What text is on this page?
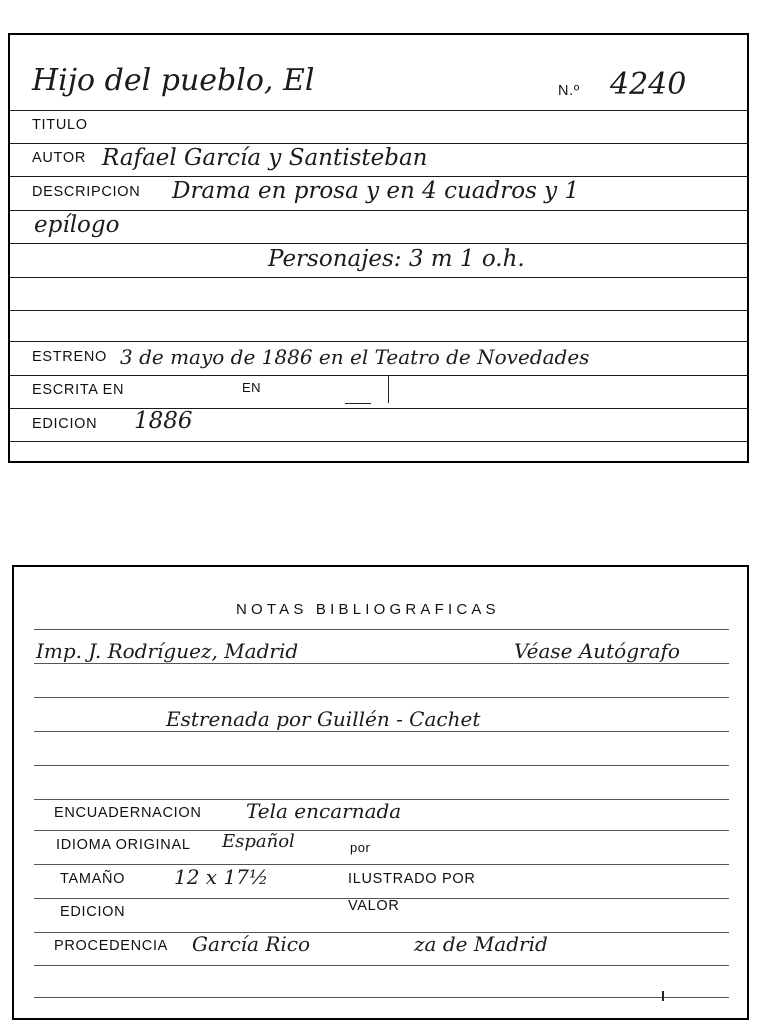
Hijo del pueblo, El	N.º 4240
TITULO
AUTOR Rafael García y Santisteban
DESCRIPCION Drama en prosa y en 4 cuadros y 1
epílogo
Personajes: 3 m 1 o.h.
ESTRENO 3 de mayo de 1886 en el Teatro de Novedades
ESCRITA EN	EN
EDICION 1886
NOTAS BIBLIOGRAFICAS
Imp. J. Rodríguez, Madrid	Véase Autógrafo
Estrenada por Guillén - Cachet
ENCUADERNACION Tela encarnada
IDIOMA ORIGINAL Español	por
TAMAÑO 12 x 17½	ILUSTRADO POR
EDICION	VALOR
PROCEDENCIA García Rico	za de Madrid
